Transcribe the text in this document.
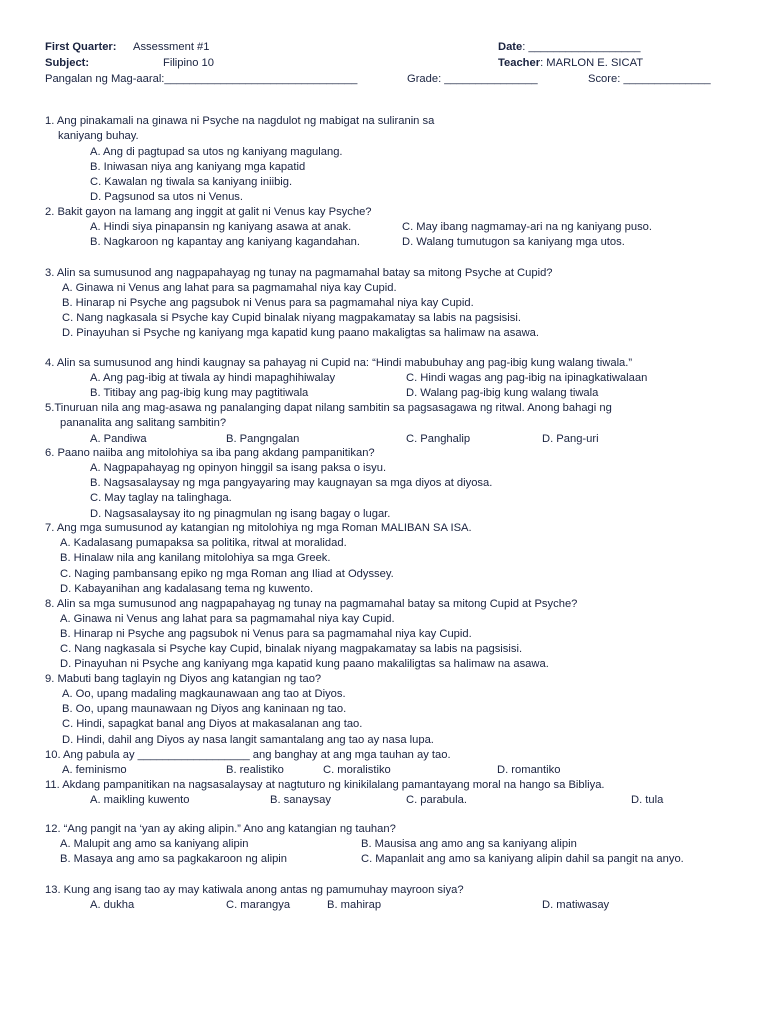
First Quarter: Assessment #1	Date: __________________
Subject:	Filipino 10	Teacher: MARLON E. SICAT
Pangalan ng Mag-aaral:_______________________________	Grade: _______________	Score: ______________
1. Ang pinakamali na ginawa ni Psyche na nagdulot ng mabigat na suliranin sa
kaniyang buhay.
A. Ang di pagtupad sa utos ng kaniyang magulang.
B. Iniwasan niya ang kaniyang mga kapatid
C. Kawalan ng tiwala sa kaniyang iniibig.
D. Pagsunod sa utos ni Venus.
2. Bakit gayon na lamang ang inggit at galit ni Venus kay Psyche?
A. Hindi siya pinapansin ng kaniyang asawa at anak.	C. May ibang nagmamay-ari na ng kaniyang puso.
B. Nagkaroon ng kapantay ang kaniyang kagandahan.	D. Walang tumutugon sa kaniyang mga utos.
3. Alin sa sumusunod ang nagpapahayag ng tunay na pagmamahal batay sa mitong Psyche at Cupid?
A. Ginawa ni Venus ang lahat para sa pagmamahal niya kay Cupid.
B. Hinarap ni Psyche ang pagsubok ni Venus para sa pagmamahal niya kay Cupid.
C. Nang nagkasala si Psyche kay Cupid binalak niyang magpakamatay sa labis na pagsisisi.
D. Pinayuhan si Psyche ng kaniyang mga kapatid kung paano makaligtas sa halimaw na asawa.
4. Alin sa sumusunod ang hindi kaugnay sa pahayag ni Cupid na: “Hindi mabubuhay ang pag-ibig kung walang tiwala.”
A. Ang pag-ibig at tiwala ay hindi mapaghihiwalay	C. Hindi wagas ang pag-ibig na ipinagkatiwalaan
B. Titibay ang pag-ibig kung may pagtitiwala	D. Walang pag-ibig kung walang tiwala
5.Tinuruan nila ang mag-asawa ng panalanging dapat nilang sambitin sa pagsasagawa ng ritwal. Anong bahagi ng
pananalita ang salitang sambitin?
A. Pandiwa	B. Pangngalan	C. Panghalip	D. Pang-uri
6. Paano naiiba ang mitolohiya sa iba pang akdang pampanitikan?
A. Nagpapahayag ng opinyon hinggil sa isang paksa o isyu.
B. Nagsasalaysay ng mga pangyayaring may kaugnayan sa mga diyos at diyosa.
C. May taglay na talinghaga.
D. Nagsasalaysay ito ng pinagmulan ng isang bagay o lugar.
7. Ang mga sumusunod ay katangian ng mitolohiya ng mga Roman MALIBAN SA ISA.
A. Kadalasang pumapaksa sa politika, ritwal at moralidad.
B. Hinalaw nila ang kanilang mitolohiya sa mga Greek.
C. Naging pambansang epiko ng mga Roman ang Iliad at Odyssey.
D. Kabayanihan ang kadalasang tema ng kuwento.
8. Alin sa mga sumusunod ang nagpapahayag ng tunay na pagmamahal batay sa mitong Cupid at Psyche?
A. Ginawa ni Venus ang lahat para sa pagmamahal niya kay Cupid.
B. Hinarap ni Psyche ang pagsubok ni Venus para sa pagmamahal niya kay Cupid.
C. Nang nagkasala si Psyche kay Cupid, binalak niyang magpakamatay sa labis na pagsisisi.
D. Pinayuhan ni Psyche ang kaniyang mga kapatid kung paano makaliligtas sa halimaw na asawa.
9. Mabuti bang taglayin ng Diyos ang katangian ng tao?
A. Oo, upang madaling magkaunawaan ang tao at Diyos.
B. Oo, upang maunawaan ng Diyos ang kaninaan ng tao.
C. Hindi, sapagkat banal ang Diyos at makasalanan ang tao.
D. Hindi, dahil ang Diyos ay nasa langit samantalang ang tao ay nasa lupa.
10. Ang pabula ay __________________ ang banghay at ang mga tauhan ay tao.
A. feminismo	B. realistiko	C. moralistiko	D. romantiko
11. Akdang pampanitikan na nagsasalaysay at nagtuturo ng kinikilalang pamantayang moral na hango sa Bibliya.
A. maikling kuwento	B. sanaysay	C. parabula.	D. tula
12. “Ang pangit na ‘yan ay aking alipin.” Ano ang katangian ng tauhan?
A. Malupit ang amo sa kaniyang alipin	B. Mausisa ang amo ang sa kaniyang alipin
B. Masaya ang amo sa pagkakaroon ng alipin	C. Mapanlait ang amo sa kaniyang alipin dahil sa pangit na anyo.
13. Kung ang isang tao ay may katiwala anong antas ng pamumuhay mayroon siya?
A. dukha	C. marangya	B. mahirap	D. matiwasay
